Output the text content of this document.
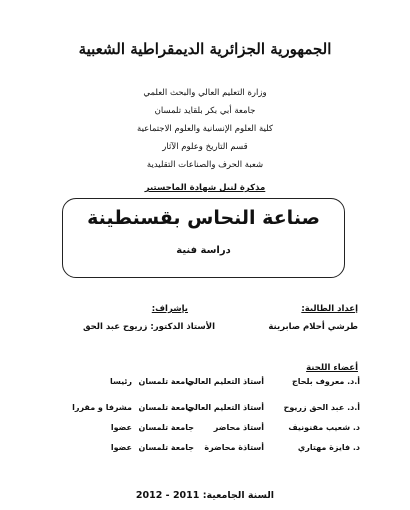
الجمهورية الجزائرية الديمقراطية الشعبية
وزارة التعليم العالي والبحث العلمي
جامعة أبي بكر بلقايد تلمسان
كلية العلوم الإنسانية والعلوم الاجتماعية
قسم التاريخ وعلوم الآثار
شعبة الحرف والصناعات التقليدية
مذكرة لنيل شهادة الماجستير
صناعة النحاس بقسنطينة
دراسة فنية
إعداد الطالبة:
طرشي أحلام صابرينة
بإشراف:
الأستاذ الدكتور: زريوح عبد الحق
أعضاء اللجنة
أ.د. معروف بلحاج
أستاذ التعليم العالي
جامعة تلمسان
رئيسا
أ.د. عبد الحق زريوح
أستاذ التعليم العالي
جامعة تلمسان
مشرفا و مقررا
د. شعيب مقنونيف
أستاذ محاضر
جامعة تلمسان
عضوا
د. فايزة مهتاري
أستاذة محاضرة
جامعة تلمسان
عضوا
السنة الجامعية: 2011 - 2012
